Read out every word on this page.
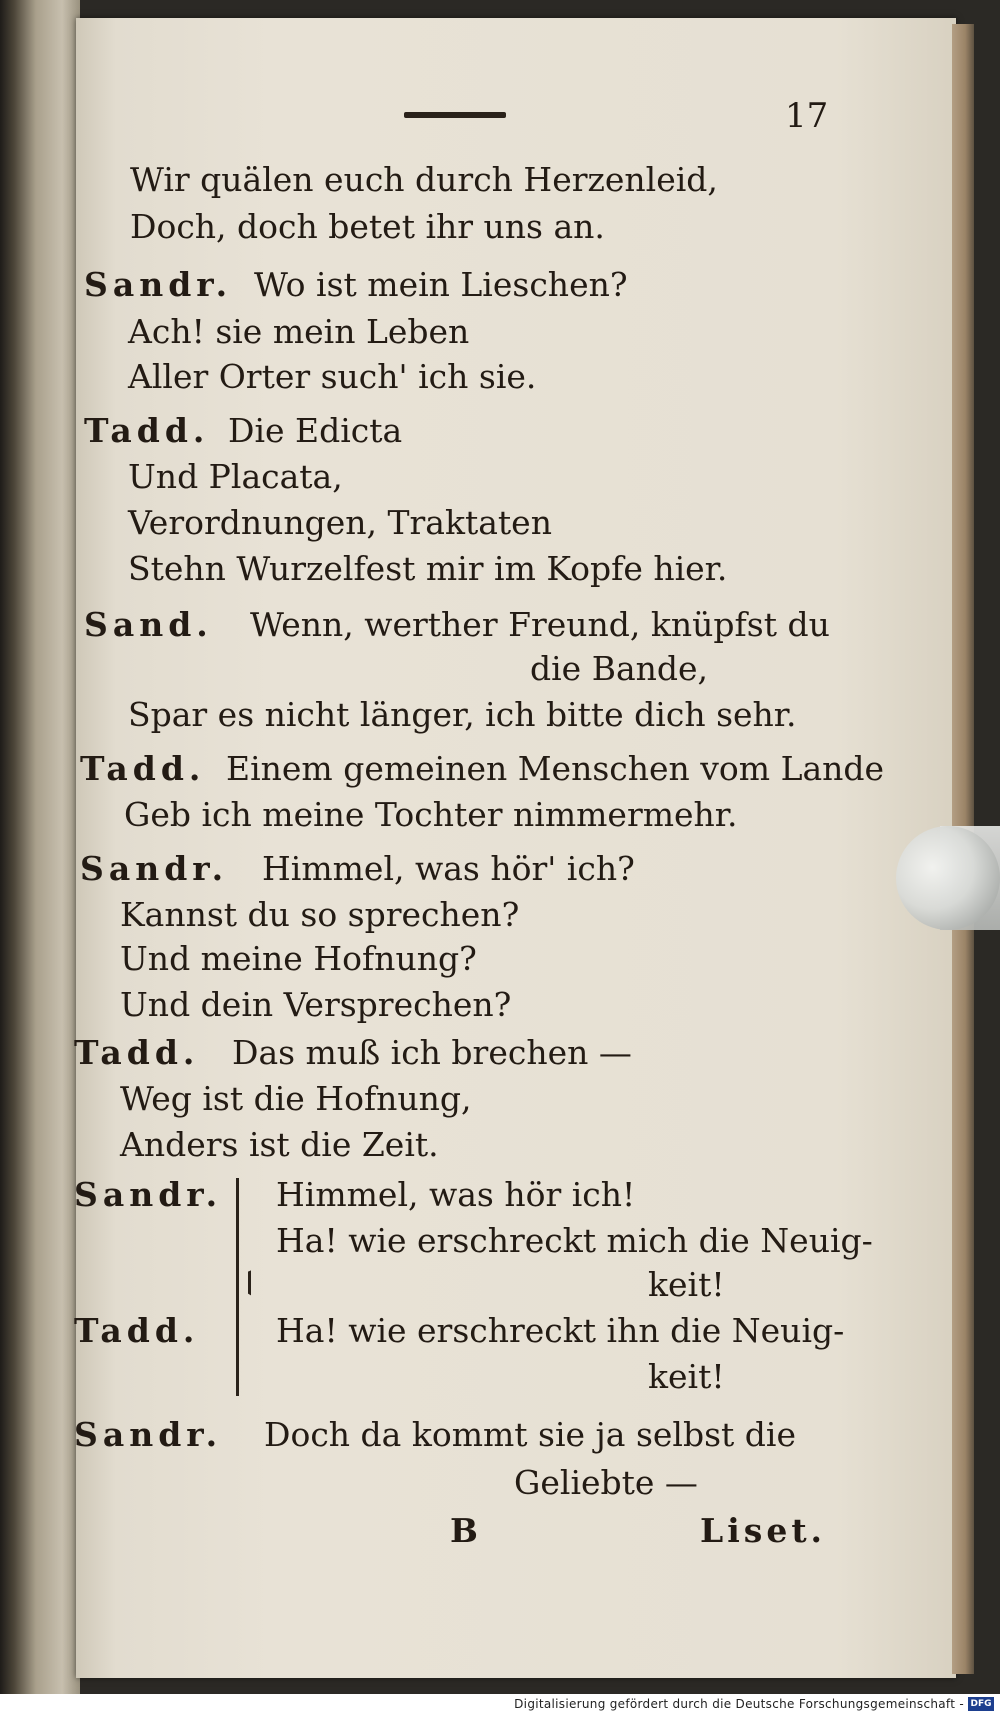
17
Wir quälen euch durch Herzenleid,
Doch, doch betet ihr uns an.
Sandr. Wo ist mein Lieschen?
Ach! sie mein Leben
Aller Orter such' ich sie.
Tadd. Die Edicta
Und Placata,
Verordnungen, Traktaten
Stehn Wurzelfest mir im Kopfe hier.
Sand. Wenn, werther Freund, knüpfst du
die Bande,
Spar es nicht länger, ich bitte dich sehr.
Tadd. Einem gemeinen Menschen vom Lande
Geb ich meine Tochter nimmermehr.
Sandr. Himmel, was hör' ich?
Kannst du so sprechen?
Und meine Hofnung?
Und dein Versprechen?
Tadd. Das muß ich brechen —
Weg ist die Hofnung,
Anders ist die Zeit.
Sandr. Himmel, was hör ich!
Ha! wie erschreckt mich die Neuig-
keit!
Tadd. Ha! wie erschreckt ihn die Neuig-
keit!
Sandr. Doch da kommt sie ja selbst die
Geliebte —
B	Liset.
Digitalisierung gefördert durch die Deutsche Forschungsgemeinschaft - DFG
